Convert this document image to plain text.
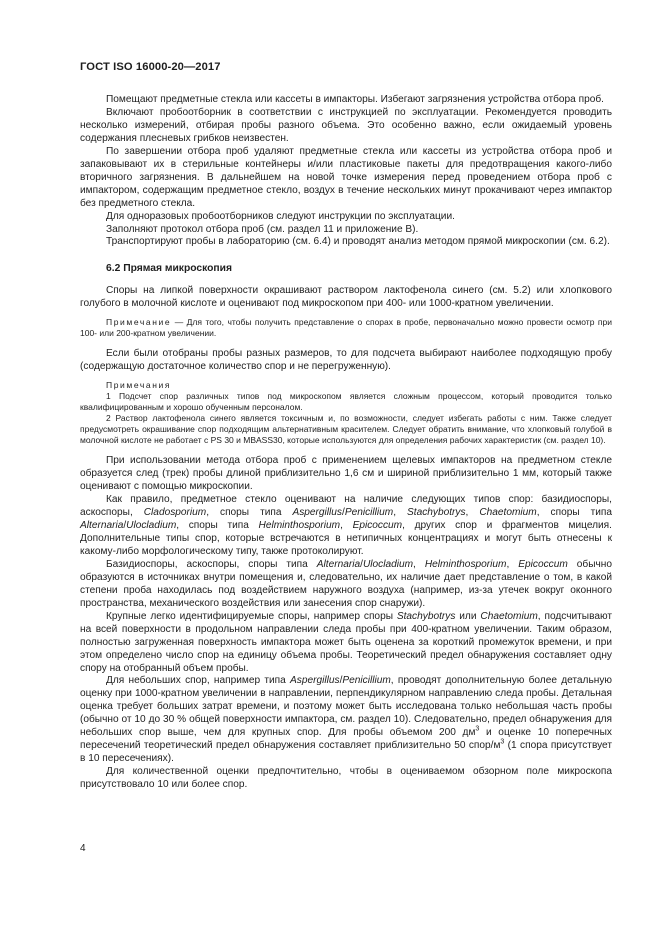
ГОСТ ISO 16000-20—2017

Помещают предметные стекла или кассеты в импакторы. Избегают загрязнения устройства отбора проб.

Включают пробоотборник в соответствии с инструкцией по эксплуатации. Рекомендуется проводить несколько измерений, отбирая пробы разного объема. Это особенно важно, если ожидаемый уровень содержания плесневых грибков неизвестен.

По завершении отбора проб удаляют предметные стекла или кассеты из устройства отбора проб и запаковывают их в стерильные контейнеры и/или пластиковые пакеты для предотвращения какого-либо вторичного загрязнения. В дальнейшем на новой точке измерения перед проведением отбора проб с импактором, содержащим предметное стекло, воздух в течение нескольких минут прокачивают через импактор без предметного стекла.

Для одноразовых пробоотборников следуют инструкции по эксплуатации.

Заполняют протокол отбора проб (см. раздел 11 и приложение В).

Транспортируют пробы в лабораторию (см. 6.4) и проводят анализ методом прямой микроскопии (см. 6.2).

6.2 Прямая микроскопия

Споры на липкой поверхности окрашивают раствором лактофенола синего (см. 5.2) или хлопкового голубого в молочной кислоте и оценивают под микроскопом при 400- или 1000-кратном увеличении.

Примечание — Для того, чтобы получить представление о спорах в пробе, первоначально можно провести осмотр при 100- или 200-кратном увеличении.

Если были отобраны пробы разных размеров, то для подсчета выбирают наиболее подходящую пробу (содержащую достаточное количество спор и не перегруженную).

Примечания

1 Подсчет спор различных типов под микроскопом является сложным процессом, который проводится только квалифицированным и хорошо обученным персоналом.

2 Раствор лактофенола синего является токсичным и, по возможности, следует избегать работы с ним. Также следует предусмотреть окрашивание спор подходящим альтернативным красителем. Следует обратить внимание, что хлопковый голубой в молочной кислоте не работает с PS 30 и MBASS30, которые используются для определения рабочих характеристик (см. раздел 10).

При использовании метода отбора проб с применением щелевых импакторов на предметном стекле образуется след (трек) пробы длиной приблизительно 1,6 см и шириной приблизительно 1 мм, который также оценивают с помощью микроскопии.

Как правило, предметное стекло оценивают на наличие следующих типов спор: базидиоспоры, аскоспоры, Cladosporium, споры типа Aspergillus/Penicillium, Stachybotrys, Chaetomium, споры типа Alternaria/Ulocladium, споры типа Helminthosporium, Epicoccum, других спор и фрагментов мицелия. Дополнительные типы спор, которые встречаются в нетипичных концентрациях и могут быть отнесены к какому-либо морфологическому типу, также протоколируют.

Базидиоспоры, аскоспоры, споры типа Alternaria/Ulocladium, Helminthosporium, Epicoccum обычно образуются в источниках внутри помещения и, следовательно, их наличие дает представление о том, в какой степени проба находилась под воздействием наружного воздуха (например, из-за утечек вокруг оконного пространства, механического воздействия или занесения спор снаружи).

Крупные легко идентифицируемые споры, например споры Stachybotrys или Chaetomium, подсчитывают на всей поверхности в продольном направлении следа пробы при 400-кратном увеличении. Таким образом, полностью загруженная поверхность импактора может быть оценена за короткий промежуток времени, и при этом определено число спор на единицу объема пробы. Теоретический предел обнаружения составляет одну спору на отобранный объем пробы.

Для небольших спор, например типа Aspergillus/Penicillium, проводят дополнительную более детальную оценку при 1000-кратном увеличении в направлении, перпендикулярном направлению следа пробы. Детальная оценка требует больших затрат времени, и поэтому может быть исследована только небольшая часть пробы (обычно от 10 до 30 % общей поверхности импактора, см. раздел 10). Следовательно, предел обнаружения для небольших спор выше, чем для крупных спор. Для пробы объемом 200 $дм^3$ и оценке 10 поперечных пересечений теоретический предел обнаружения составляет приблизительно 50 спор/$м^3$ (1 спора присутствует в 10 пересечениях).

Для количественной оценки предпочтительно, чтобы в оцениваемом обзорном поле микроскопа присутствовало 10 или более спор.

4
